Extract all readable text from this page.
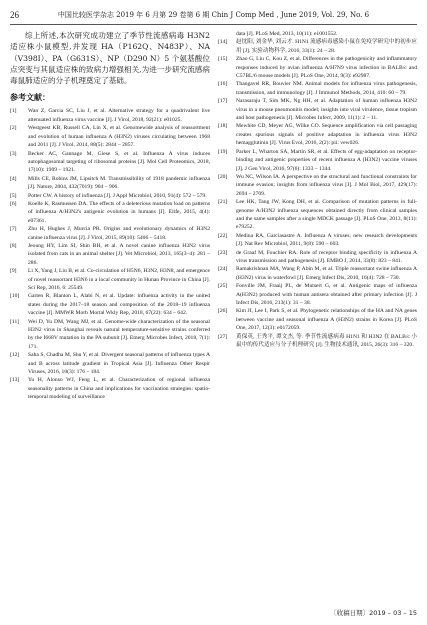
26	中国比较医学杂志 2019 年 6 月第 29 卷第 6 期 Chin J Comp Med , June 2019, Vol. 29, No. 6

综上所述,本次研究成功建立了季节性流感病毒 H3N2 适应株小鼠模型,并发现 HA（P162Q、N483P）、NA（V398I）、PA（G631S）、NP（D290 N）5 个氨基酸位点突变与其鼠适应株的致病力增强相关,为进一步研究流感病毒鼠肺适应的分子机理奠定了基础。

参考文献：

[1]	Wan Z, Garcia SC, Liu J, et al. Alternative strategy for a quadrivalent live attenuated influenza virus vaccine [J]. J Virol, 2018, 92(21): e01025.

[2]	Westgeest KB, Russell CA, Lin X, et al. Genomewide analysis of reassortment and evolution of human influenza A (H3N2) viruses circulating between 1968 and 2011 [J]. J Virol, 2014, 88(5): 2844 – 2857.

[3]	Becker AC, Gannage M, Giese S, et al. Influenza A virus induces autophagosomal targeting of ribosomal proteins [J]. Mol Cell Proteomics, 2018, 17(10): 1909 – 1921.

[4]	Mills CE, Robins JM, Lipsitch M. Transmissibility of 1918 pandemic influenza [J]. Nature, 2004, 432(7019): 904 – 906.

[5]	Potter CW. A history of influenza [J]. J Appl Microbiol, 2010, 91(4): 572 – 579.

[6]	Koelle K, Rasmussen DA. The effects of a deleterious mutation load on patterns of influenza A/H3N2's antigenic evolution in humans [J]. Elife, 2015, 4(4): e07361.

[7]	Zhu H, Hughes J, Murcia PR. Origins and evolutionary dynamics of H3N2 canine influenza virus [J]. J Virol, 2015, 89(10): 5406 – 5418.

[8]	Jeoung HY, Lim SI, Shin BH, et al. A novel canine influenza H3N2 virus isolated from cats in an animal shelter [J]. Vet Microbiol, 2013, 165(3–4): 281 – 286.

[9]	Li X, Yang J, Liu B, et al. Co-circulation of H5N6, H3N2, H3N8, and emergence of novel reassortant H3N6 in a local community in Hunan Province in China [J]. Sci Rep, 2016, 6: 25549.

[10]	Garten R, Blanton L, Alabi N, et al. Update: influenza activity in the united states during the 2017–18 season and composition of the 2018–19 influenza vaccine [J]. MMWR Morb Mortal Wkly Rep, 2018, 67(22): 634 – 642.

[11]	Wei D, Yu DM, Wang MJ, et al. Genome-wide characterization of the seasonal H3N2 virus in Shanghai reveals natural temperature-sensitive strains conferred by the I668V mutation in the PA subunit [J]. Emerg Microbes Infect, 2018, 7(1): 171.

[12]	Saha S, Chadha M, Shu Y, et al. Divergent seasonal patterns of influenza types A and B across latitude gradient in Tropical Asia [J]. Influenza Other Respir Viruses, 2016, 10(3): 176 – 184.

[13]	Yu H, Alonso WJ, Feng L, et al. Characterization of regional influenza seasonality patterns in China and implications for vaccination strategies: spatio-temporal modeling of surveillance

data [J]. PLoS Med, 2013, 10(11): e1001552.

[14]	赵忱阳, 刘金华, 刘云才. H1N1 流感病毒感染小鼠在免疫学研究中的初步应用 [J]. 实验动物科学, 2016, 33(1): 24 – 28.

[15]	Zhao G, Liu C, Kou Z, et al. Differences in the pathogenicity and inflammatory responses induced by avian influenza A/H7N9 virus infection in BALB/c and C57BL/6 mouse models [J]. PLoS One, 2014, 9(3): e92987.

[16]	Thangavel RR, Bouvier NM. Animal models for influenza virus pathogenesis, transmission, and immunology [J]. J Immunol Methods, 2014, 410: 60 – 79.

[17]	Narasaraju T, Sim MK, Ng HH, et al. Adaptation of human influenza H3N2 virus in a mouse pneumonitis model; insights into viral virulence, tissue tropism and host pathogenesis [J]. Microbes Infect, 2009, 11(1): 2 – 11.

[18]	Mewhite CD, Meyer AG, Wilke CO. Sequence amplification via cell passaging creates spurious signals of positive adaptation in influenza virus H3N2 hemagglutinin [J]. Virus Evol, 2016, 2(2): pii: vew026.

[19]	Parker L, Wharton SA, Martin SR, et al. Effects of egg-adaptation on receptor-binding and antigenic properties of recent influenza A (H3N2) vaccine viruses [J]. J Gen Virol, 2016, 97(6): 1333 – 1344.

[20]	Wu NC, Wilson IA. A perspective on the structural and functional constraints for immune evasion; insights from influenza virus [J]. J Mol Biol, 2017, 429(17): 2694 – 2709.

[21]	Lee HK, Tang JW, Kong DH, et al. Comparison of mutation patterns in full-genome A/H3N2 influenza sequences obtained directly from clinical samples and the same samples after a single MDCK passage [J]. PLoS One, 2013, 8(11): e79252.

[22]	Medina RA, Garcíasastre A. Influenza A viruses; new research developments [J]. Nat Rev Microbiol, 2011, 9(8): 590 – 603.

[23]	de Graaf M, Fouchier RA. Role of receptor binding specificity in influenza A virus transmission and pathogenesis [J]. EMBO J, 2014, 33(8): 823 – 841.

[24]	Ramakrishnan MA, Wang P, Abin M, et al. Triple reassortant swine influenza A (H3N2) virus in waterfowl [J]. Emerg Infect Dis, 2010, 16(4): 728 – 730.

[25]	Fonville JM, Fraaij PL, de Mutsert G, et al. Antigenic maps of influenza A(H3N2) produced with human antisera obtained after primary infection [J]. J Infect Dis, 2016, 213(1): 31 – 38.

[26]	Kim JI, Lee I, Park S, et al. Phylogenetic relationships of the HA and NA genes between vaccine and seasonal influenza A (H3N2) strains in Korea [J]. PLoS One, 2017, 12(3): e0172059.

[27]	黄保英, 王秀平, 谭文杰, 等. 季节性流感病毒 H1N1 和 H3N2 在 BALB/c 小鼠中的传代适应与分子机理研究 [J]. 生物技术通讯, 2015, 26(3): 316 – 320.

〔收稿日期〕2019 – 03 – 15
